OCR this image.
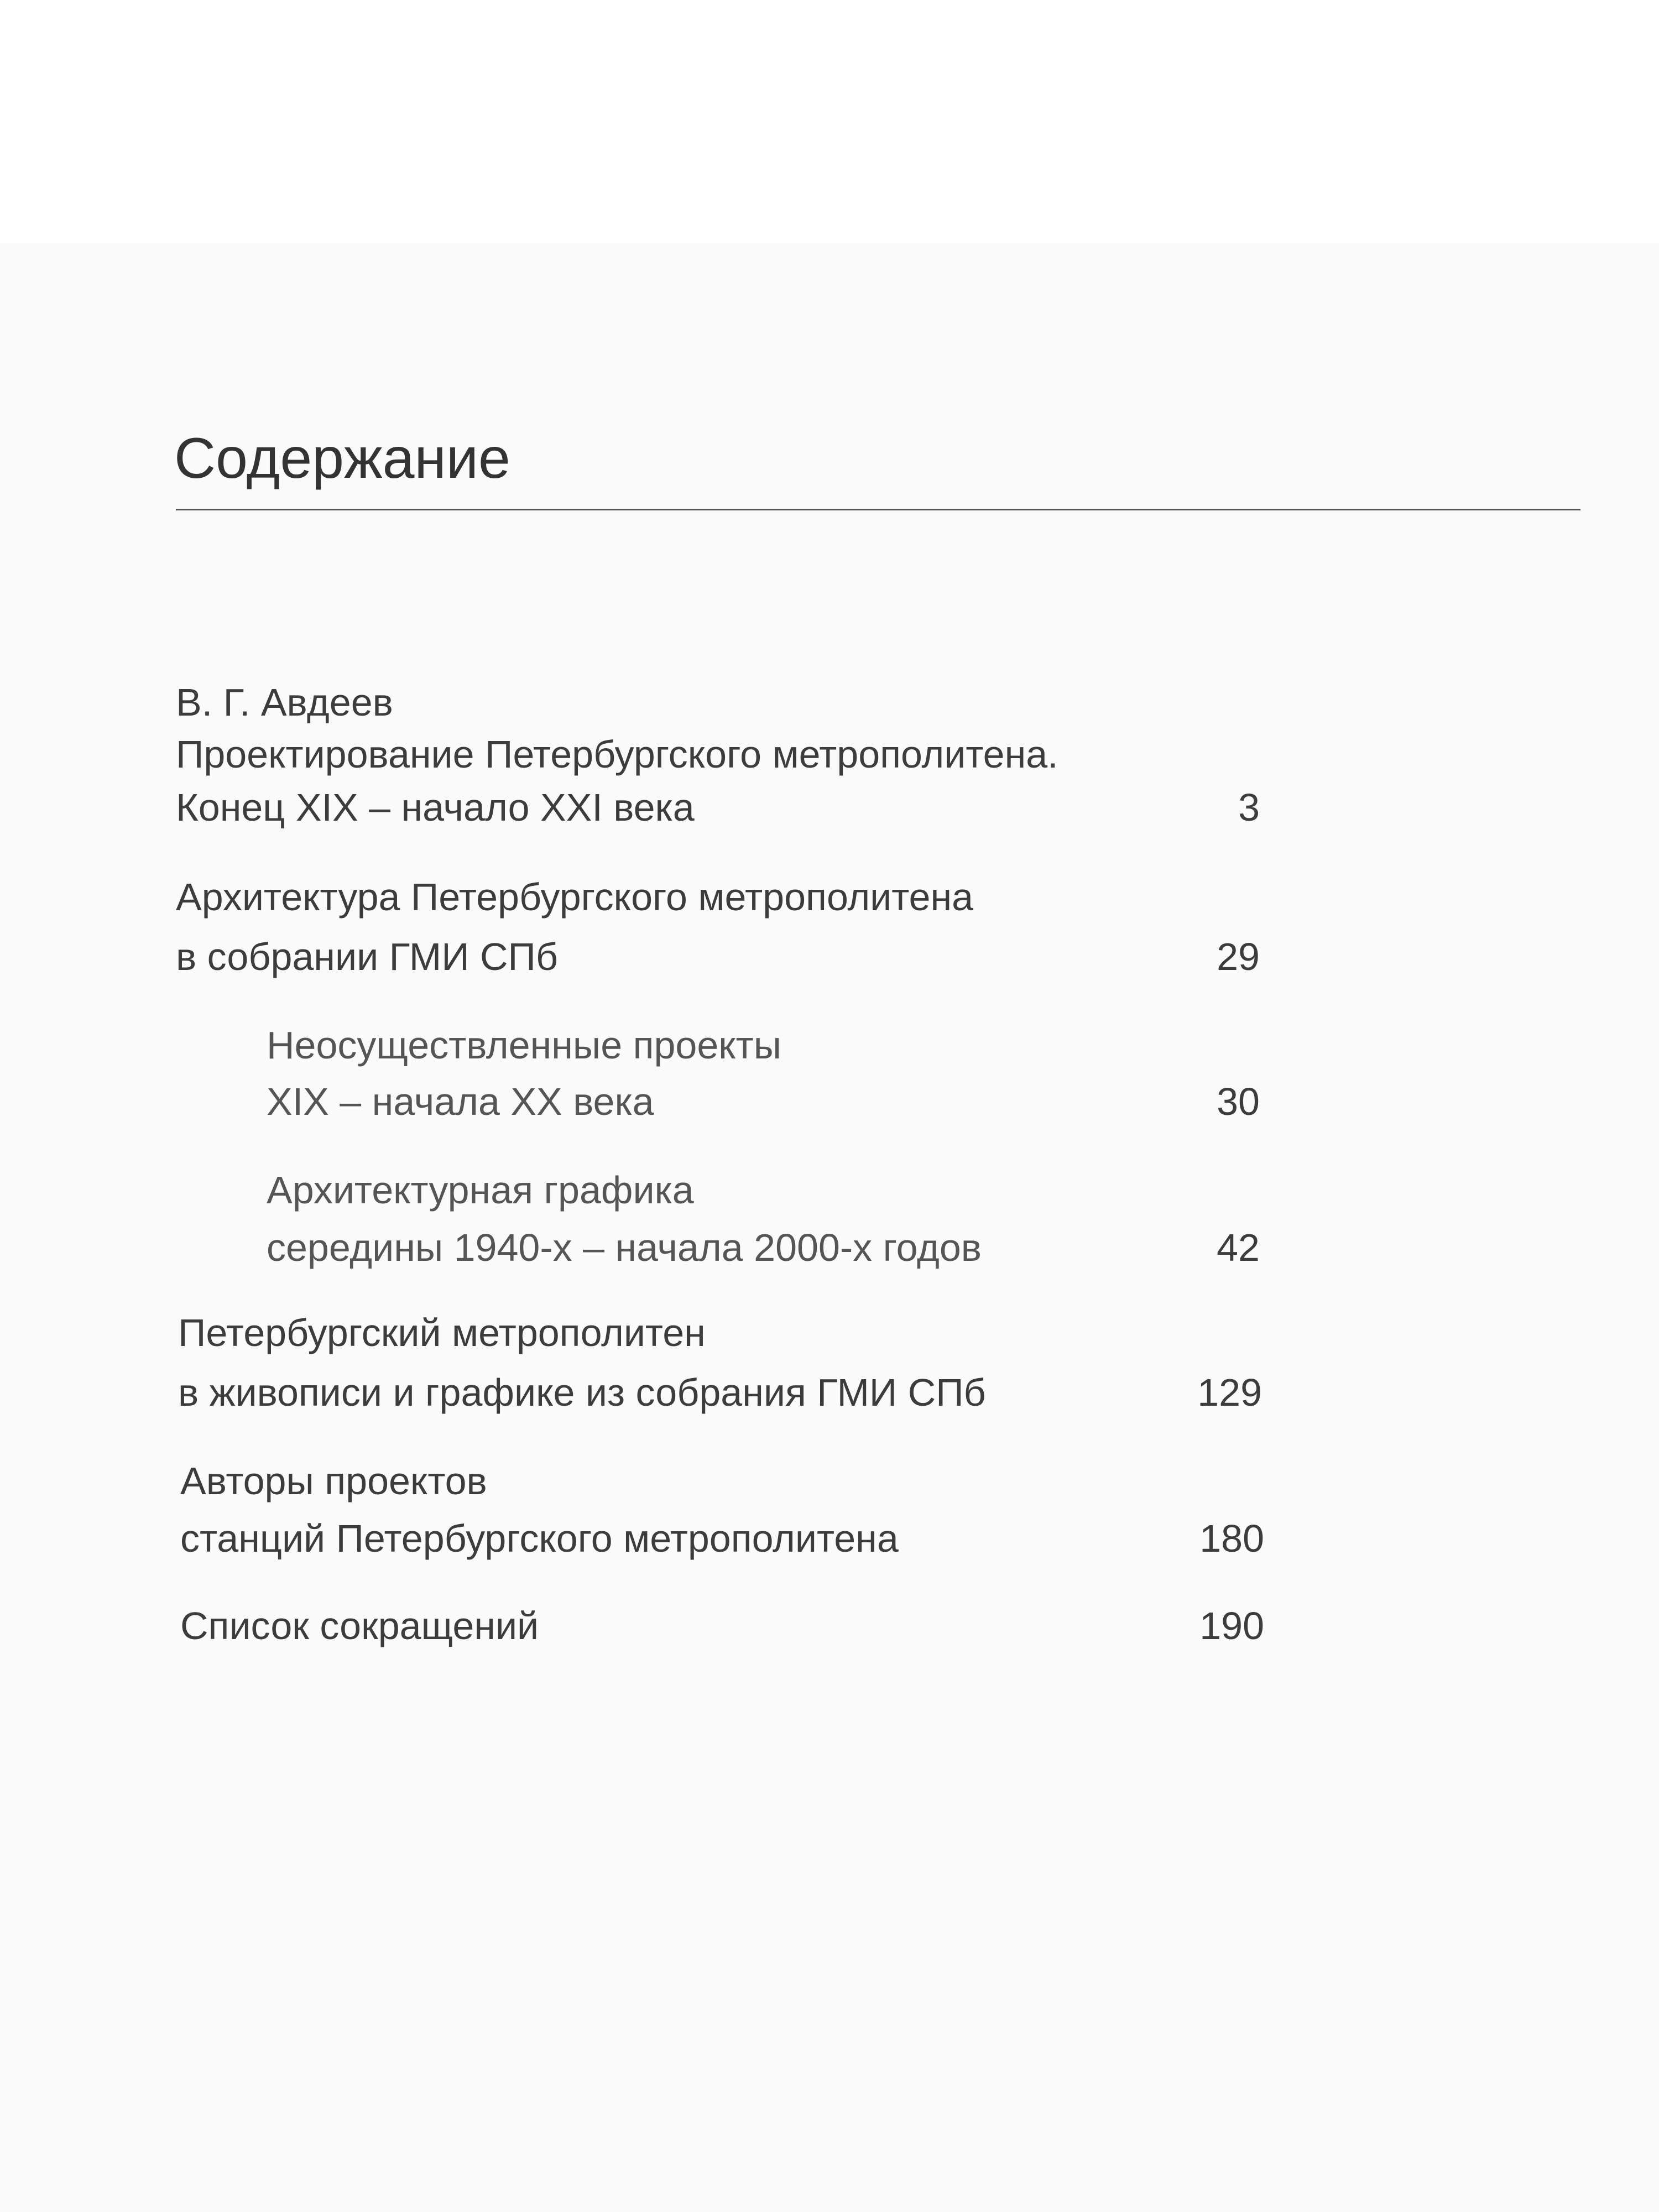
Содержание
В. Г. Авдеев
Проектирование Петербургского метрополитена.
Конец XIX – начало XXI века	3
Архитектура Петербургского метрополитена
в собрании ГМИ СПб	29
Неосуществленные проекты
XIX – начала XX века	30
Архитектурная графика
середины 1940-х – начала 2000-х годов	42
Петербургский метрополитен
в живописи и графике из собрания ГМИ СПб	129
Авторы проектов
станций Петербургского метрополитена	180
Список сокращений	190
